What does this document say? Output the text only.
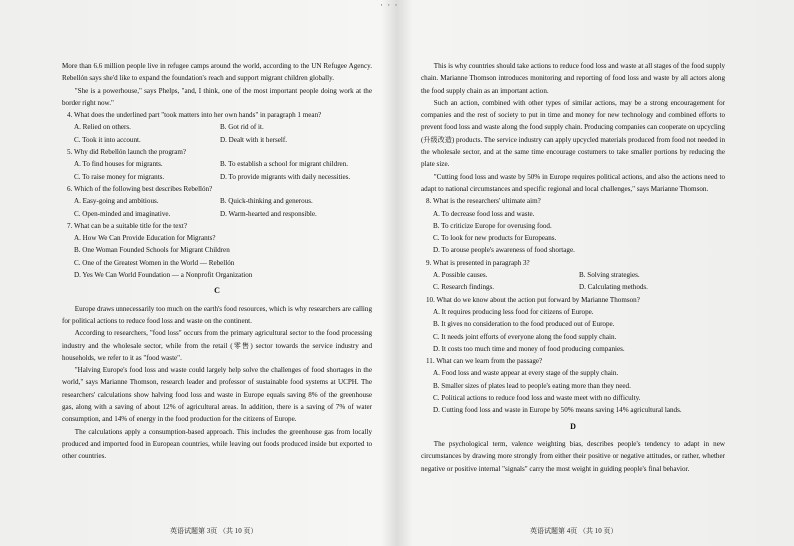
· · ·

More than 6.6 million people live in refugee camps around the world, according to the UN Refugee Agency. Rebellón says she'd like to expand the foundation's reach and support migrant children globally.

"She is a powerhouse," says Phelps, "and, I think, one of the most important people doing work at the border right now."

4. What does the underlined part "took matters into her own hands" in paragraph 1 mean?

A. Relied on others.	B. Got rid of it.
C. Took it into account.	D. Dealt with it herself.

5. Why did Rebellón launch the program?

A. To find houses for migrants.	B. To establish a school for migrant children.
C. To raise money for migrants.	D. To provide migrants with daily necessities.

6. Which of the following best describes Rebellón?

A. Easy-going and ambitious.	B. Quick-thinking and generous.
C. Open-minded and imaginative.	D. Warm-hearted and responsible.

7. What can be a suitable title for the text?

A. How We Can Provide Education for Migrants?

B. One Woman Founded Schools for Migrant Children

C. One of the Greatest Women in the World — Rebellón

D. Yes We Can World Foundation — a Nonprofit Organization

C

Europe draws unnecessarily too much on the earth's food resources, which is why researchers are calling for political actions to reduce food loss and waste on the continent.

According to researchers, "food loss" occurs from the primary agricultural sector to the food processing industry and the wholesale sector, while from the retail (零售) sector towards the service industry and households, we refer to it as "food waste".

"Halving Europe's food loss and waste could largely help solve the challenges of food shortages in the world," says Marianne Thomson, research leader and professor of sustainable food systems at UCPH. The researchers' calculations show halving food loss and waste in Europe equals saving 8% of the greenhouse gas, along with a saving of about 12% of agricultural areas. In addition, there is a saving of 7% of water consumption, and 14% of energy in the food production for the citizens of Europe.

The calculations apply a consumption-based approach. This includes the greenhouse gas from locally produced and imported food in European countries, while leaving out foods produced inside but exported to other countries.

英语试题第 3页 （共 10 页）

This is why countries should take actions to reduce food loss and waste at all stages of the food supply chain. Marianne Thomson introduces monitoring and reporting of food loss and waste by all actors along the food supply chain as an important action.

Such an action, combined with other types of similar actions, may be a strong encouragement for companies and the rest of society to put in time and money for new technology and combined efforts to prevent food loss and waste along the food supply chain. Producing companies can cooperate on upcycling (升级改造) products. The service industry can apply upcycled materials produced from food not needed in the wholesale sector, and at the same time encourage costumers to take smaller portions by reducing the plate size.

"Cutting food loss and waste by 50% in Europe requires political actions, and also the actions need to adapt to national circumstances and specific regional and local challenges," says Marianne Thomson.

8. What is the researchers' ultimate aim?

A. To decrease food loss and waste.

B. To criticize Europe for overusing food.

C. To look for new products for Europeans.

D. To arouse people's awareness of food shortage.

9. What is presented in paragraph 3?

A. Possible causes.	B. Solving strategies.
C. Research findings.	D. Calculating methods.

10. What do we know about the action put forward by Marianne Thomson?

A. It requires producing less food for citizens of Europe.

B. It gives no consideration to the food produced out of Europe.

C. It needs joint efforts of everyone along the food supply chain.

D. It costs too much time and money of food producing companies.

11. What can we learn from the passage?

A. Food loss and waste appear at every stage of the supply chain.

B. Smaller sizes of plates lead to people's eating more than they need.

C. Political actions to reduce food loss and waste meet with no difficulty.

D. Cutting food loss and waste in Europe by 50% means saving 14% agricultural lands.

D

The psychological term, valence weighting bias, describes people's tendency to adapt in new circumstances by drawing more strongly from either their positive or negative attitudes, or rather, whether negative or positive internal "signals" carry the most weight in guiding people's final behavior.

英语试题第 4页 （共 10 页）
